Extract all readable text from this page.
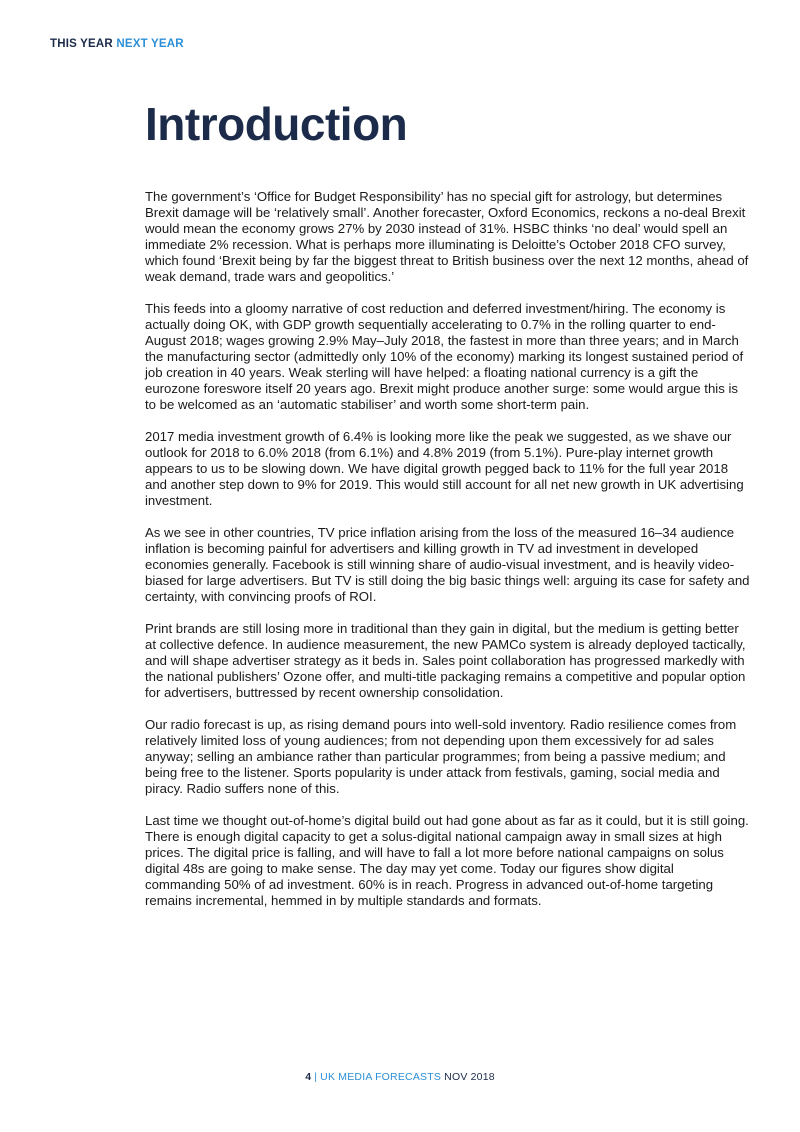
THIS YEAR NEXT YEAR
Introduction

The government’s ‘Office for Budget Responsibility’ has no special gift for astrology, but determines Brexit damage will be ‘relatively small’. Another forecaster, Oxford Economics, reckons a no-deal Brexit would mean the economy grows 27% by 2030 instead of 31%. HSBC thinks ‘no deal’ would spell an immediate 2% recession. What is perhaps more illuminating is Deloitte’s October 2018 CFO survey, which found ‘Brexit being by far the biggest threat to British business over the next 12 months, ahead of weak demand, trade wars and geopolitics.’

This feeds into a gloomy narrative of cost reduction and deferred investment/hiring. The economy is actually doing OK, with GDP growth sequentially accelerating to 0.7% in the rolling quarter to end-August 2018; wages growing 2.9% May–July 2018, the fastest in more than three years; and in March the manufacturing sector (admittedly only 10% of the economy) marking its longest sustained period of job creation in 40 years. Weak sterling will have helped: a floating national currency is a gift the eurozone foreswore itself 20 years ago. Brexit might produce another surge: some would argue this is to be welcomed as an ‘automatic stabiliser’ and worth some short-term pain.

2017 media investment growth of 6.4% is looking more like the peak we suggested, as we shave our outlook for 2018 to 6.0% 2018 (from 6.1%) and 4.8% 2019 (from 5.1%). Pure-play internet growth appears to us to be slowing down. We have digital growth pegged back to 11% for the full year 2018 and another step down to 9% for 2019. This would still account for all net new growth in UK advertising investment.

As we see in other countries, TV price inflation arising from the loss of the measured 16–34 audience inflation is becoming painful for advertisers and killing growth in TV ad investment in developed economies generally. Facebook is still winning share of audio-visual investment, and is heavily video-biased for large advertisers. But TV is still doing the big basic things well: arguing its case for safety and certainty, with convincing proofs of ROI.

Print brands are still losing more in traditional than they gain in digital, but the medium is getting better at collective defence. In audience measurement, the new PAMCo system is already deployed tactically, and will shape advertiser strategy as it beds in. Sales point collaboration has progressed markedly with the national publishers’ Ozone offer, and multi-title packaging remains a competitive and popular option for advertisers, buttressed by recent ownership consolidation.

Our radio forecast is up, as rising demand pours into well-sold inventory. Radio resilience comes from relatively limited loss of young audiences; from not depending upon them excessively for ad sales anyway; selling an ambiance rather than particular programmes; from being a passive medium; and being free to the listener. Sports popularity is under attack from festivals, gaming, social media and piracy. Radio suffers none of this.

Last time we thought out-of-home’s digital build out had gone about as far as it could, but it is still going. There is enough digital capacity to get a solus-digital national campaign away in small sizes at high prices. The digital price is falling, and will have to fall a lot more before national campaigns on solus digital 48s are going to make sense. The day may yet come. Today our figures show digital commanding 50% of ad investment. 60% is in reach. Progress in advanced out-of-home targeting remains incremental, hemmed in by multiple standards and formats.

4 | UK MEDIA FORECASTS NOV 2018
